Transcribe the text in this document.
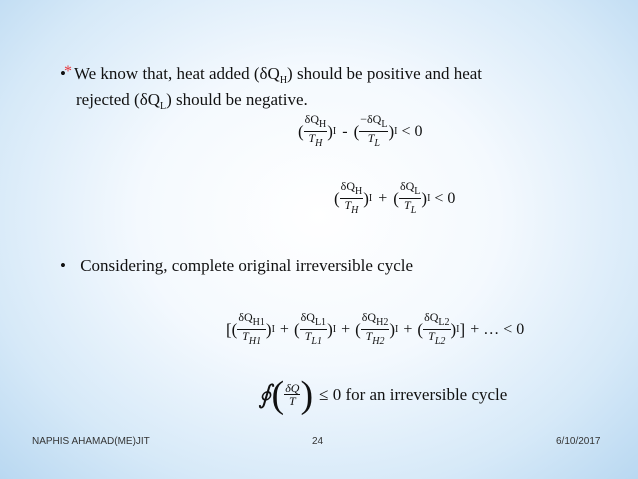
•* We know that, heat added $(\delta Q_H)$ should be positive and heat
rejected $(\delta Q_L)$ should be negative.
( $\frac{\delta Q_H}{T_H}$ ) I - ( $\frac{-\delta Q_L}{T_L}$ ) I < 0
( $\frac{\delta Q_H}{T_H}$ ) I + ( $\frac{\delta Q_L}{T_L}$ ) I < 0
• Considering, complete original irreversible cycle
[ ( $\frac{\delta Q_{H1}}{T_{H1}}$ ) I + ( $\frac{\delta Q_{L1}}{T_{L1}}$ ) I + ( $\frac{\delta Q_{H2}}{T_{H2}}$ ) I + ( $\frac{\delta Q_{L2}}{T_{L2}}$ ) I ] + … < 0
∮ ( $\frac{\delta Q}{T}$ ) ≤ 0 for an irreversible cycle
NAPHIS AHAMAD(ME)JIT	24	6/10/2017
